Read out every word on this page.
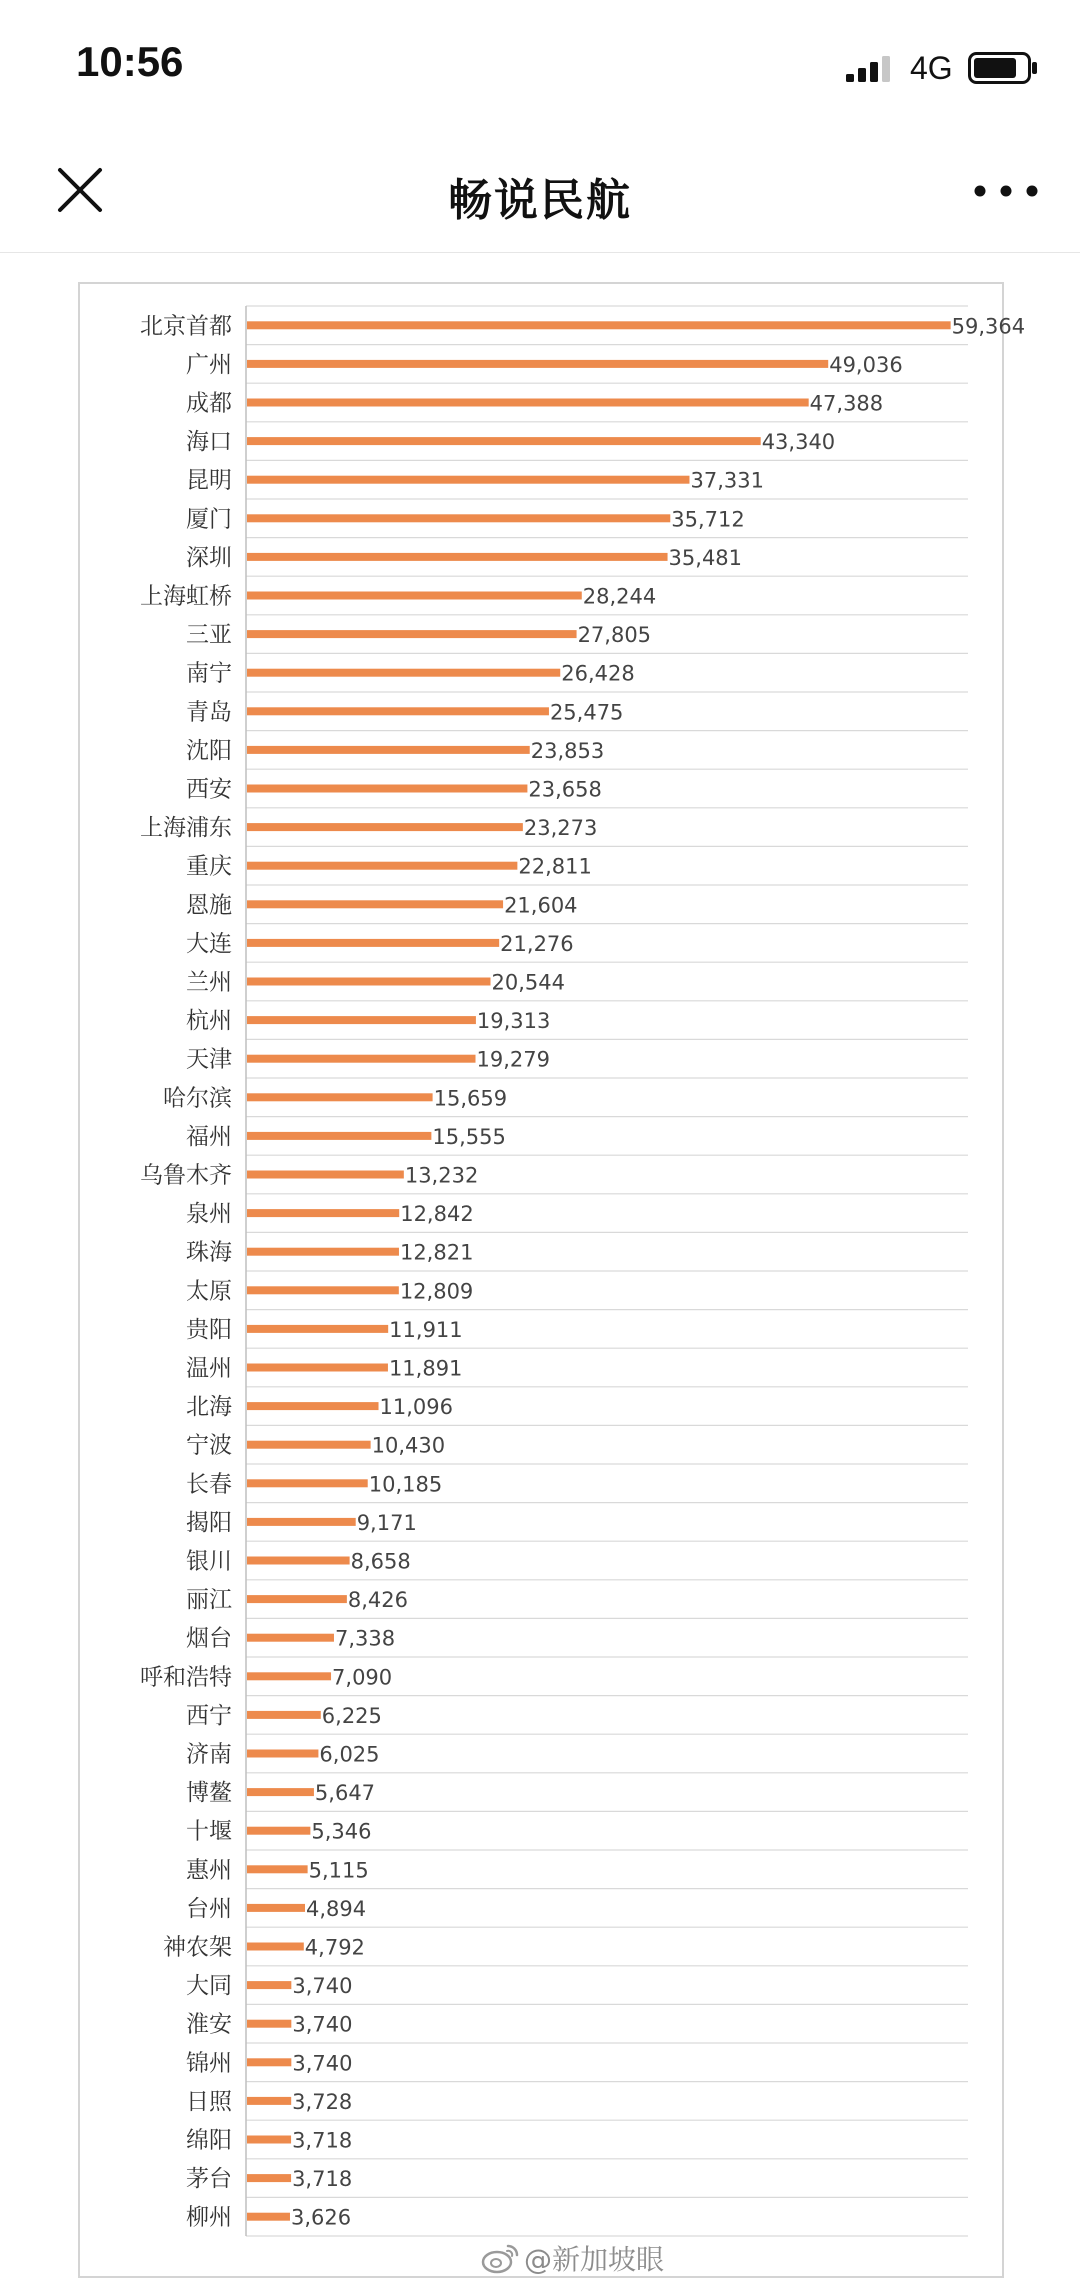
10:56	4G
畅说民航
北京首都	59,364
广州	49,036
成都	47,388
海口	43,340
昆明	37,331
厦门	35,712
深圳	35,481
上海虹桥	28,244
三亚	27,805
南宁	26,428
青岛	25,475
沈阳	23,853
西安	23,658
上海浦东	23,273
重庆	22,811
恩施	21,604
大连	21,276
兰州	20,544
杭州	19,313
天津	19,279
哈尔滨	15,659
福州	15,555
乌鲁木齐	13,232
泉州	12,842
珠海	12,821
太原	12,809
贵阳	11,911
温州	11,891
北海	11,096
宁波	10,430
长春	10,185
揭阳	9,171
银川	8,658
丽江	8,426
烟台	7,338
呼和浩特	7,090
西宁	6,225
济南	6,025
博鳌	5,647
十堰	5,346
惠州	5,115
台州	4,894
神农架	4,792
大同	3,740
淮安	3,740
锦州	3,740
日照	3,728
绵阳	3,718
茅台	3,718
柳州	3,626
@新加坡眼
